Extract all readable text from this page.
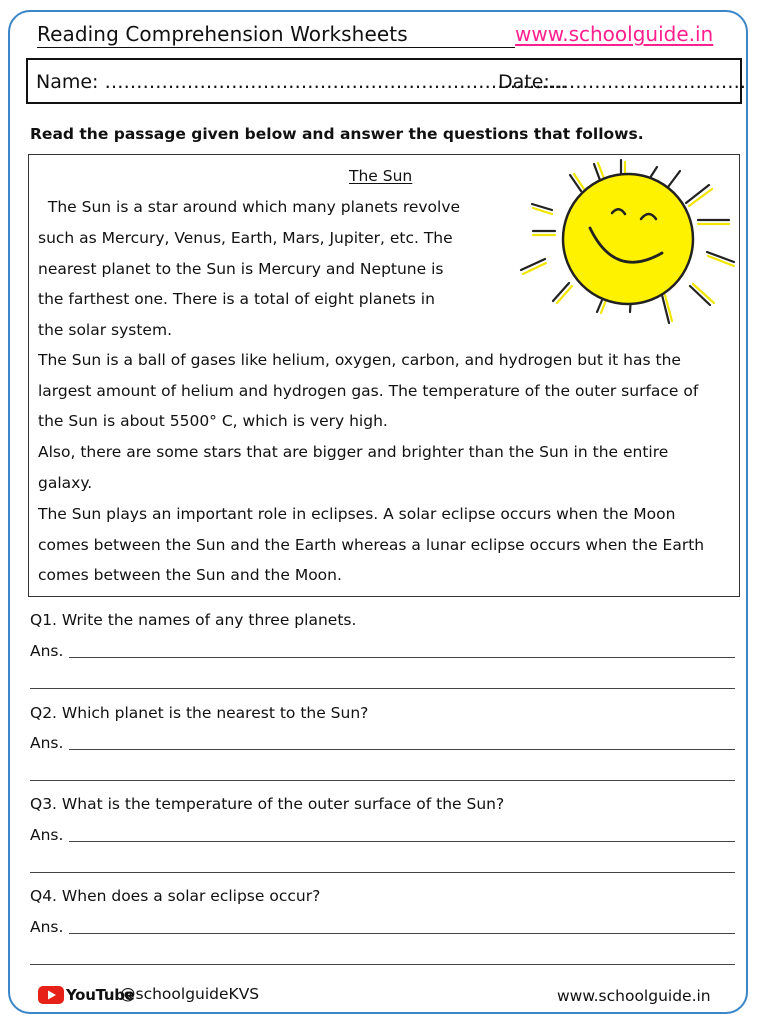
Reading Comprehension Worksheets	www.schoolguide.in
Name: ……………………………………………………………….
Date:………………………….
Read the passage given below and answer the questions that follows.
The Sun
The Sun is a star around which many planets revolve
such as Mercury, Venus, Earth, Mars, Jupiter, etc. The
nearest planet to the Sun is Mercury and Neptune is
the farthest one. There is a total of eight planets in
the solar system.
The Sun is a ball of gases like helium, oxygen, carbon, and hydrogen but it has the
largest amount of helium and hydrogen gas. The temperature of the outer surface of
the Sun is about 5500° C, which is very high.
Also, there are some stars that are bigger and brighter than the Sun in the entire
galaxy.
The Sun plays an important role in eclipses. A solar eclipse occurs when the Moon
comes between the Sun and the Earth whereas a lunar eclipse occurs when the Earth
comes between the Sun and the Moon.
Q1. Write the names of any three planets.
Ans.
Q2. Which planet is the nearest to the Sun?
Ans.
Q3. What is the temperature of the outer surface of the Sun?
Ans.
Q4. When does a solar eclipse occur?
Ans.
YouTube
@schoolguideKVS	www.schoolguide.in
